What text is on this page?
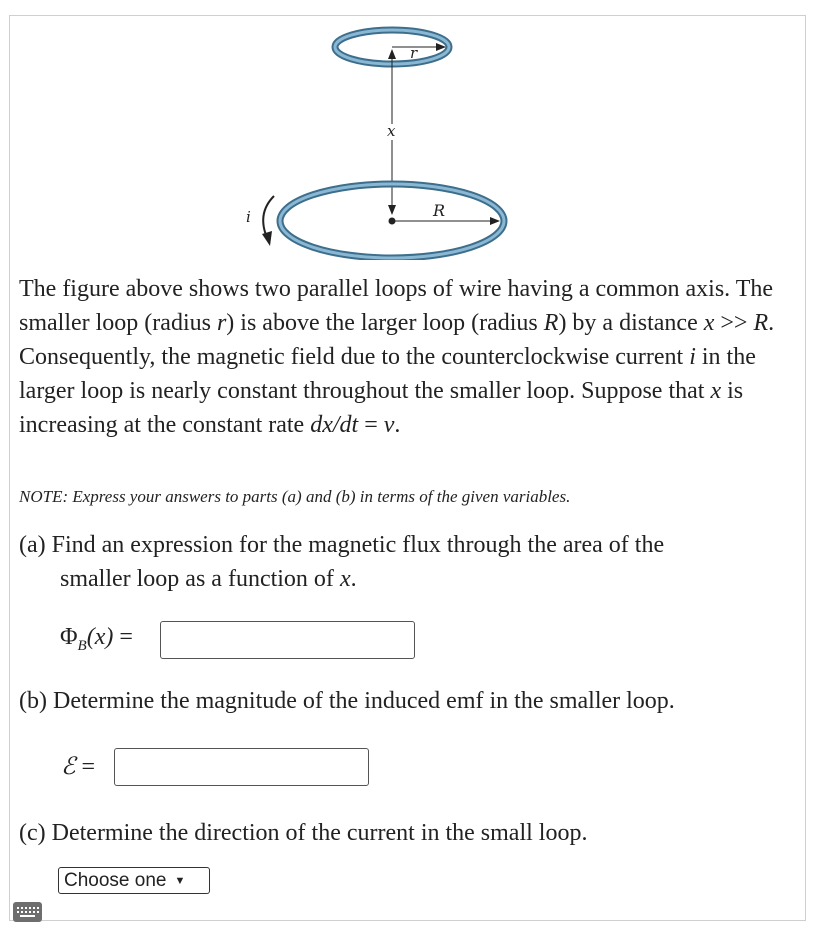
r
x
i	R

The figure above shows two parallel loops of wire having a common axis. The smaller loop (radius r) is above the larger loop (radius R) by a distance x >> R. Consequently, the magnetic field due to the counterclockwise current i in the larger loop is nearly constant throughout the smaller loop. Suppose that x is increasing at the constant rate dx/dt = v.

NOTE: Express your answers to parts (a) and (b) in terms of the given variables.
(a) Find an expression for the magnetic flux through the area of the
smaller loop as a function of x.
$\Phi_B(x)$ =
(b) Determine the magnitude of the induced emf in the smaller loop.
ℰ =
(c) Determine the direction of the current in the small loop.
Choose one ▼
